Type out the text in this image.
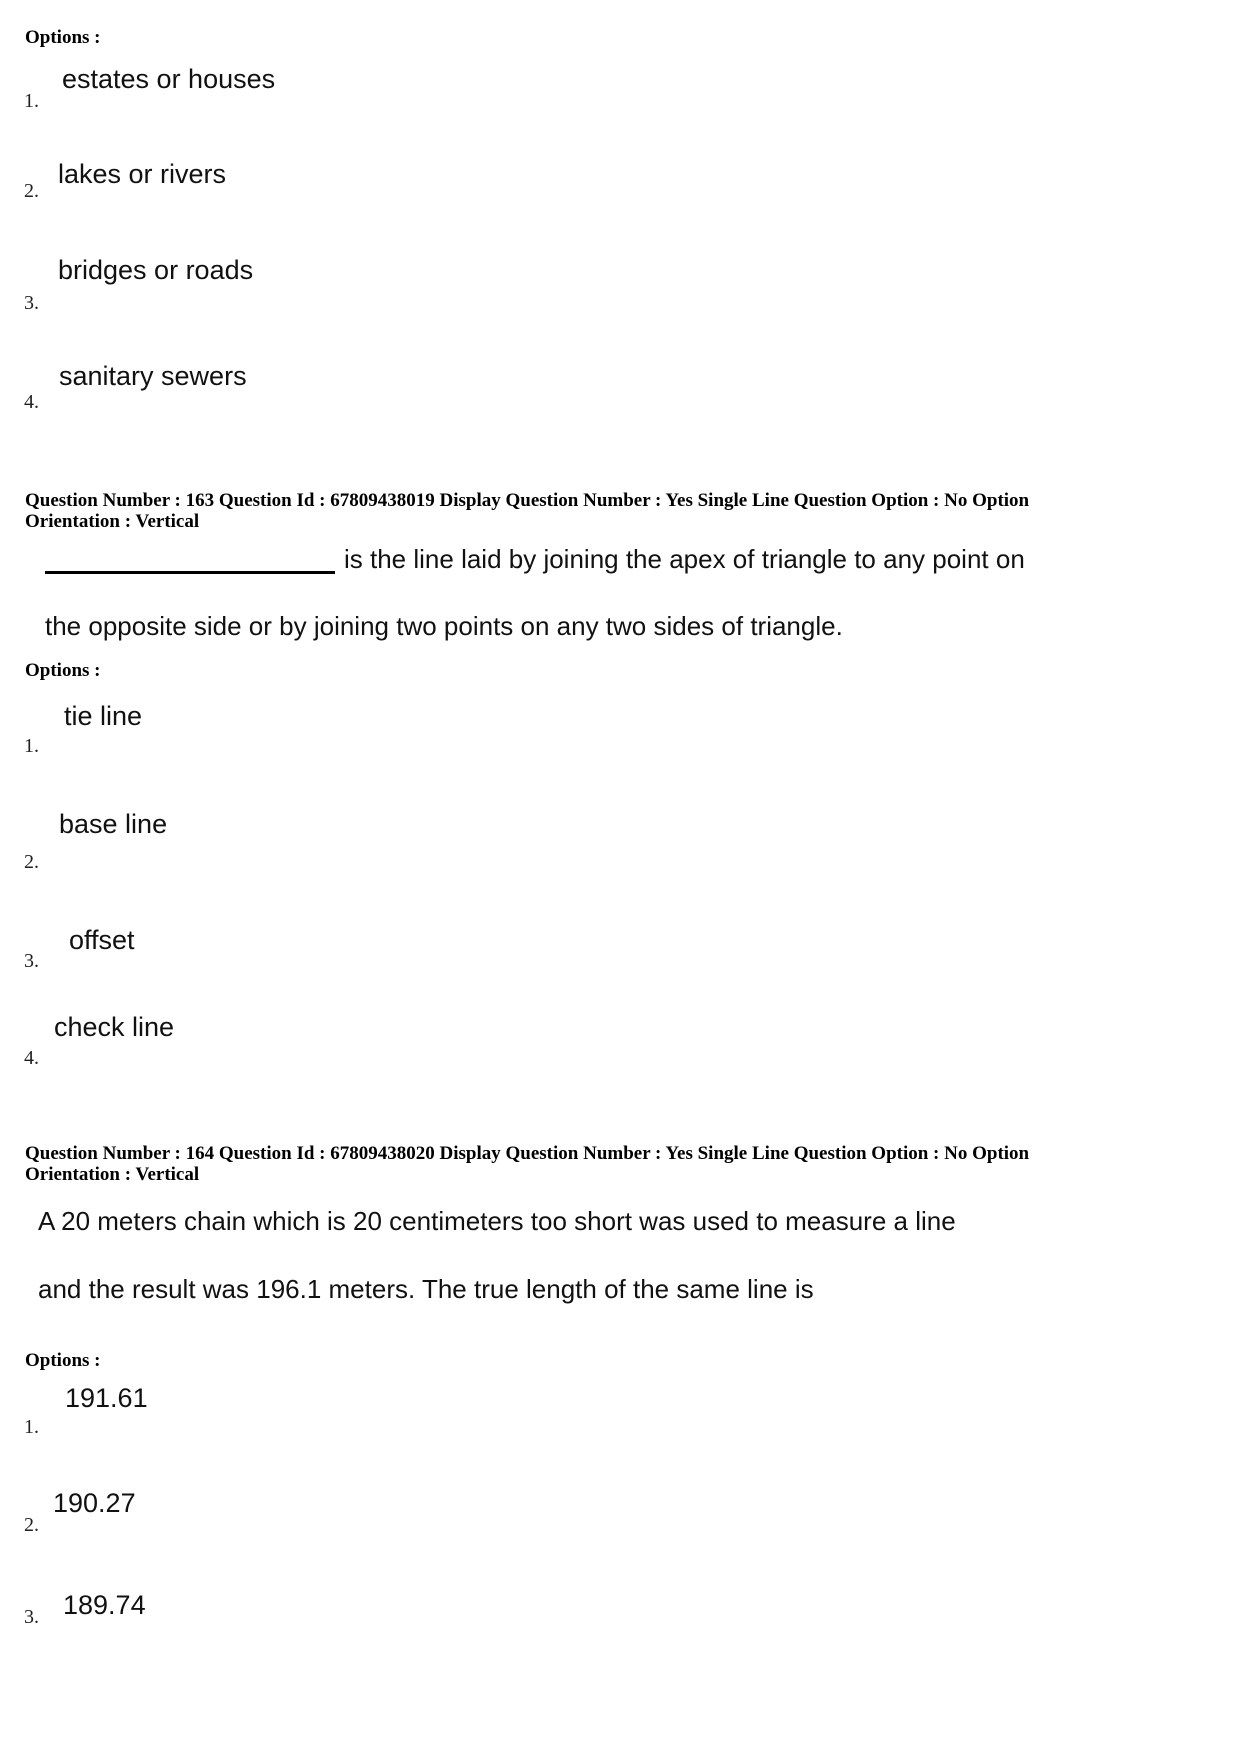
Options :
1.
estates or houses
2.
lakes or rivers
3.
bridges or roads
4.
sanitary sewers
Question Number : 163 Question Id : 67809438019 Display Question Number : Yes Single Line Question Option : No Option
Orientation : Vertical
is the line laid by joining the apex of triangle to any point on
the opposite side or by joining two points on any two sides of triangle.
Options :
1.
tie line
2.
base line
3.
offset
4.
check line
Question Number : 164 Question Id : 67809438020 Display Question Number : Yes Single Line Question Option : No Option
Orientation : Vertical
A 20 meters chain which is 20 centimeters too short was used to measure a line
and the result was 196.1 meters. The true length of the same line is
Options :
1.
191.61
2.
190.27
3. 189.74
